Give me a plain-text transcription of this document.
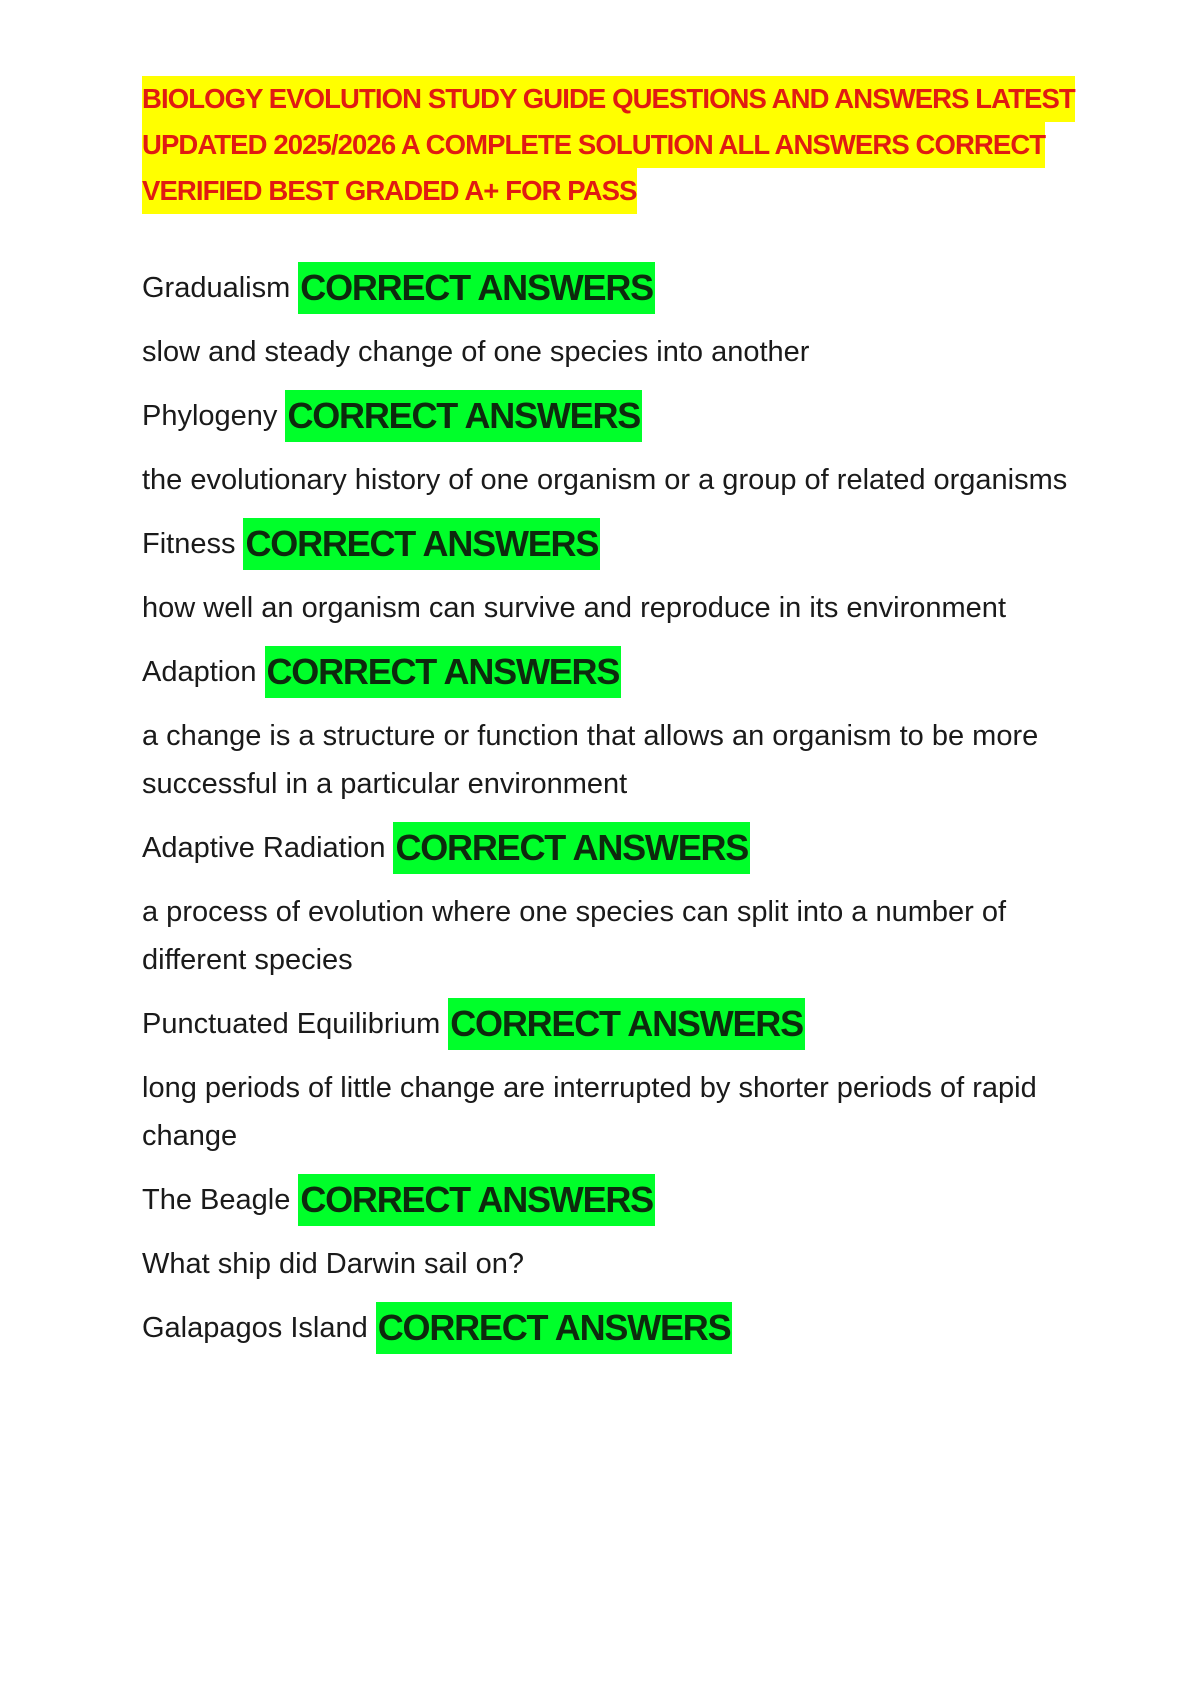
BIOLOGY EVOLUTION STUDY GUIDE QUESTIONS AND ANSWERS LATEST
UPDATED 2025/2026 A COMPLETE SOLUTION ALL ANSWERS CORRECT
VERIFIED BEST GRADED A+ FOR PASS
Gradualism CORRECT ANSWERS

slow and steady change of one species into another

Phylogeny CORRECT ANSWERS

the evolutionary history of one organism or a group of related organisms

Fitness CORRECT ANSWERS

how well an organism can survive and reproduce in its environment

Adaption CORRECT ANSWERS

a change is a structure or function that allows an organism to be more successful in a particular environment

Adaptive Radiation CORRECT ANSWERS

a process of evolution where one species can split into a number of different species

Punctuated Equilibrium CORRECT ANSWERS

long periods of little change are interrupted by shorter periods of rapid change

The Beagle CORRECT ANSWERS

What ship did Darwin sail on?

Galapagos Island CORRECT ANSWERS
